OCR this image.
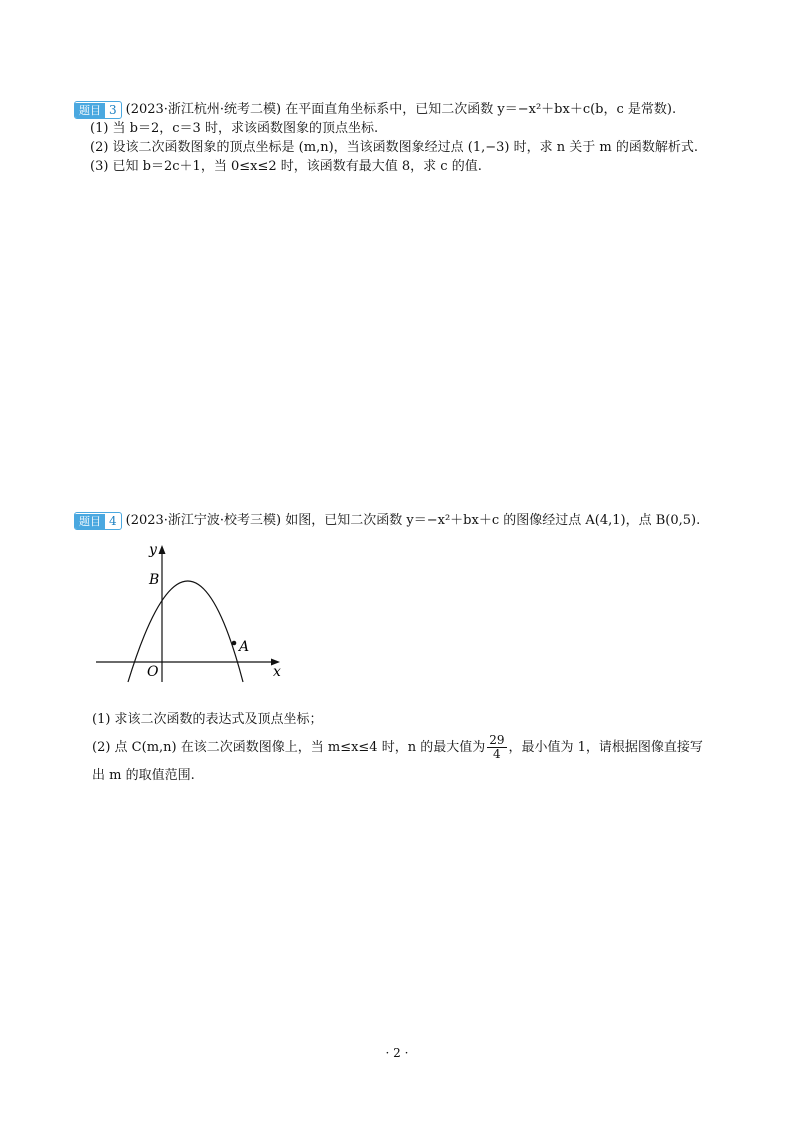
题目 3 (2023·浙江杭州·统考二模) 在平面直角坐标系中，已知二次函数 y＝−x²＋bx＋c(b，c 是常数).
(1) 当 b＝2，c＝3 时，求该函数图象的顶点坐标.
(2) 设该二次函数图象的顶点坐标是 (m,n)，当该函数图象经过点 (1,−3) 时，求 n 关于 m 的函数解析式.
(3) 已知 b＝2c＋1，当 0≤x≤2 时，该函数有最大值 8，求 c 的值.
题目 4 (2023·浙江宁波·校考三模) 如图，已知二次函数 y＝−x²＋bx＋c 的图像经过点 A(4,1)，点 B(0,5).
y
x
O
A
B
(1) 求该二次函数的表达式及顶点坐标；
(2) 点 C(m,n) 在该二次函数图像上，当 m≤x≤4 时，n 的最大值为 $\frac{29}{4}$ ，最小值为 1，请根据图像直接写
出 m 的取值范围.
· 2 ·
